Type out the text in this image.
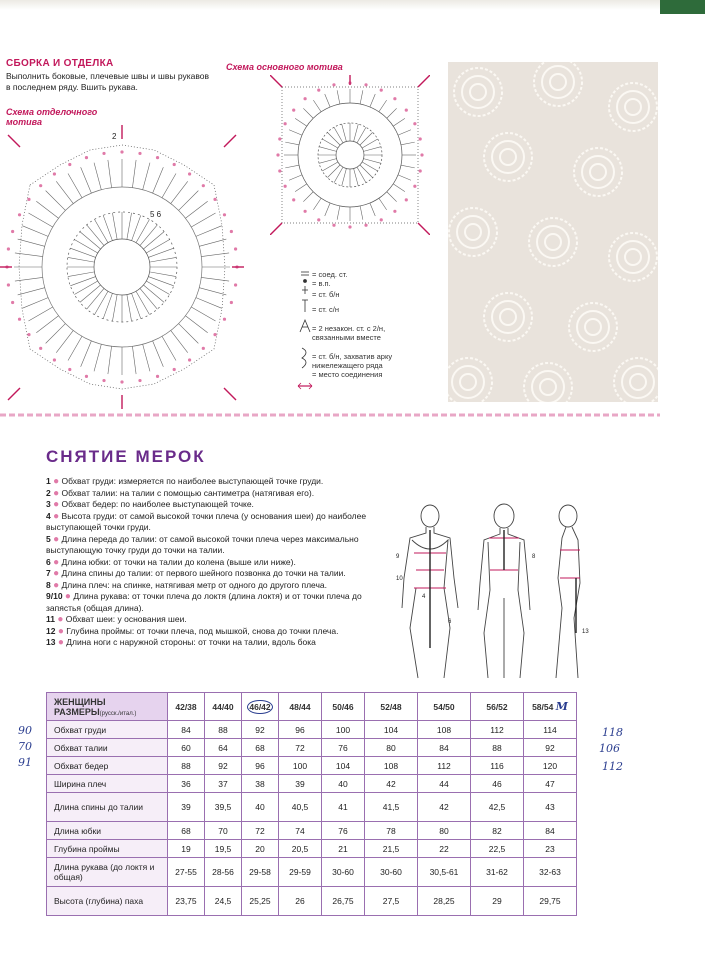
СБОРКА И ОТДЕЛКА
Выполнить боковые, плечевые швы и швы рукавов в последнем ряду. Вшить рукава.
Схема отделочного
мотива
Схема основного мотива
2
5 6
= соед. ст.
= в.п.
= ст. б/н
= ст. с/н
= 2 незакон. ст. с 2/н,
связанными вместе
= ст. б/н, захватив арку
нижележащего ряда
= место соединения
СНЯТИЕ МЕРОК

1 ● Обхват груди: измеряется по наиболее выступающей точке груди.

2 ● Обхват талии: на талии с помощью сантиметра (натягивая его).

3 ● Обхват бедер: по наиболее выступающей точке.

4 ● Высота груди: от самой высокой точки плеча (у основания шеи) до наиболее выступающей точки груди.

5 ● Длина переда до талии: от самой высокой точки плеча через максимально выступающую точку груди до точки на талии.

6 ● Длина юбки: от точки на талии до колена (выше или ниже).

7 ● Длина спины до талии: от первого шейного позвонка до точки на талии.

8 ● Длина плеч: на спинке, натягивая метр от одного до другого плеча.

9/10 ● Длина рукава: от точки плеча до локтя (длина локтя) и от точки плеча до запястья (общая длина).

11 ● Обхват шеи: у основания шеи.

12 ● Глубина проймы: от точки плеча, под мышкой, снова до точки плеча.

13 ● Длина ноги с наружной стороны: от точки на талии, вдоль бока

9
10
4
6
8
13
ЖЕНЩИНЫ
РАЗМЕРЫ(русск./итал.)	42/38	44/40	46/42	48/44	50/46	52/48	54/50	56/52	58/54 М
Обхват груди	84	88	92	96	100	104	108	112	114
Обхват талии	60	64	68	72	76	80	84	88	92
Обхват бедер	88	92	96	100	104	108	112	116	120
Ширина плеч	36	37	38	39	40	42	44	46	47
Длина спины до талии	39	39,5	40	40,5	41	41,5	42	42,5	43
Длина юбки	68	70	72	74	76	78	80	82	84
Глубина проймы	19	19,5	20	20,5	21	21,5	22	22,5	23
Длина рукава (до локтя и общая)	27-55	28-56	29-58	29-59	30-60	30-60	30,5-61	31-62	32-63
Высота (глубина) паха	23,75	24,5	25,25	26	26,75	27,5	28,25	29	29,75
90
70
91
118
106
112
